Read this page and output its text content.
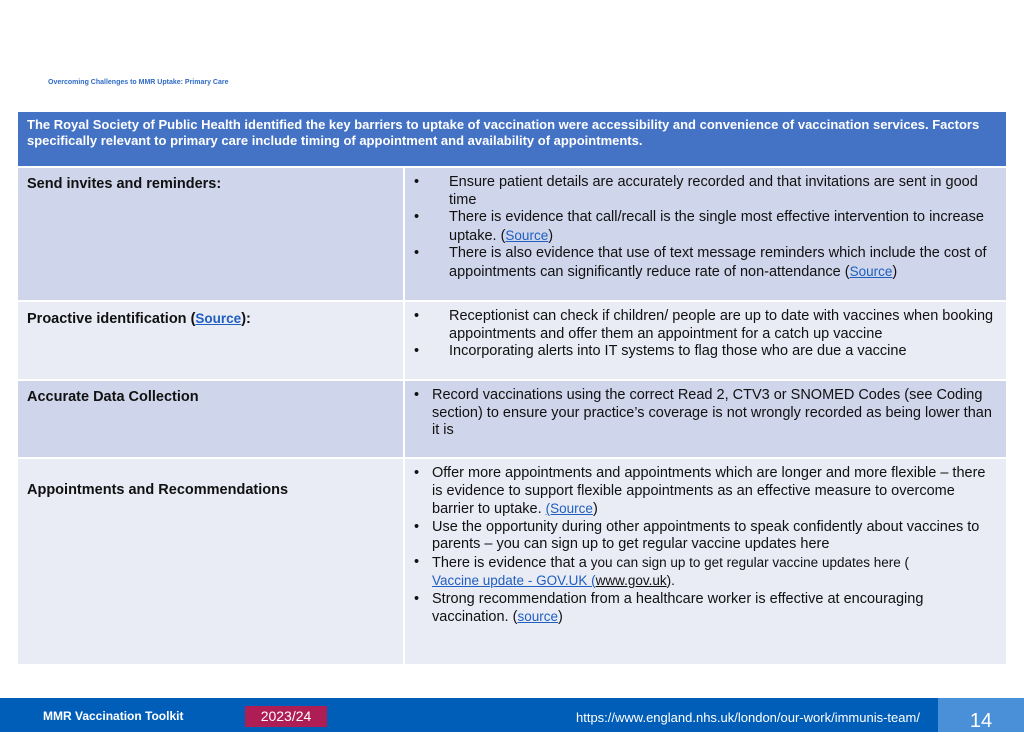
Overcoming Challenges to MMR Uptake: Primary Care
The Royal Society of Public Health identified the key barriers to uptake of vaccination were accessibility and convenience of vaccination services. Factors specifically relevant to primary care include timing of appointment and availability of appointments.
Send invites and reminders:	• Ensure patient details are accurately recorded and that invitations are sent in good time
• There is evidence that call/recall is the single most effective intervention to increase uptake. (Source)
• There is also evidence that use of text message reminders which include the cost of appointments can significantly reduce rate of non-attendance (Source)
Proactive identification (Source):	• Receptionist can check if children/ people are up to date with vaccines when booking appointments and offer them an appointment for a catch up vaccine
• Incorporating alerts into IT systems to flag those who are due a vaccine
Accurate Data Collection	• Record vaccinations using the correct Read 2, CTV3 or SNOMED Codes (see Coding section) to ensure your practice’s coverage is not wrongly recorded as being lower than it is
Appointments and Recommendations
• Offer more appointments and appointments which are longer and more flexible – there is evidence to support flexible appointments as an effective measure to overcome barrier to uptake. (Source)
• Use the opportunity during other appointments to speak confidently about vaccines to parents – you can sign up to get regular vaccine updates here
• There is evidence that a you can sign up to get regular vaccine updates here (
Vaccine update - GOV.UK (www.gov.uk).
• Strong recommendation from a healthcare worker is effective at encouraging vaccination. (source)
MMR Vaccination Toolkit	2023/24	https://www.england.nhs.uk/london/our-work/immunis-team/	14
